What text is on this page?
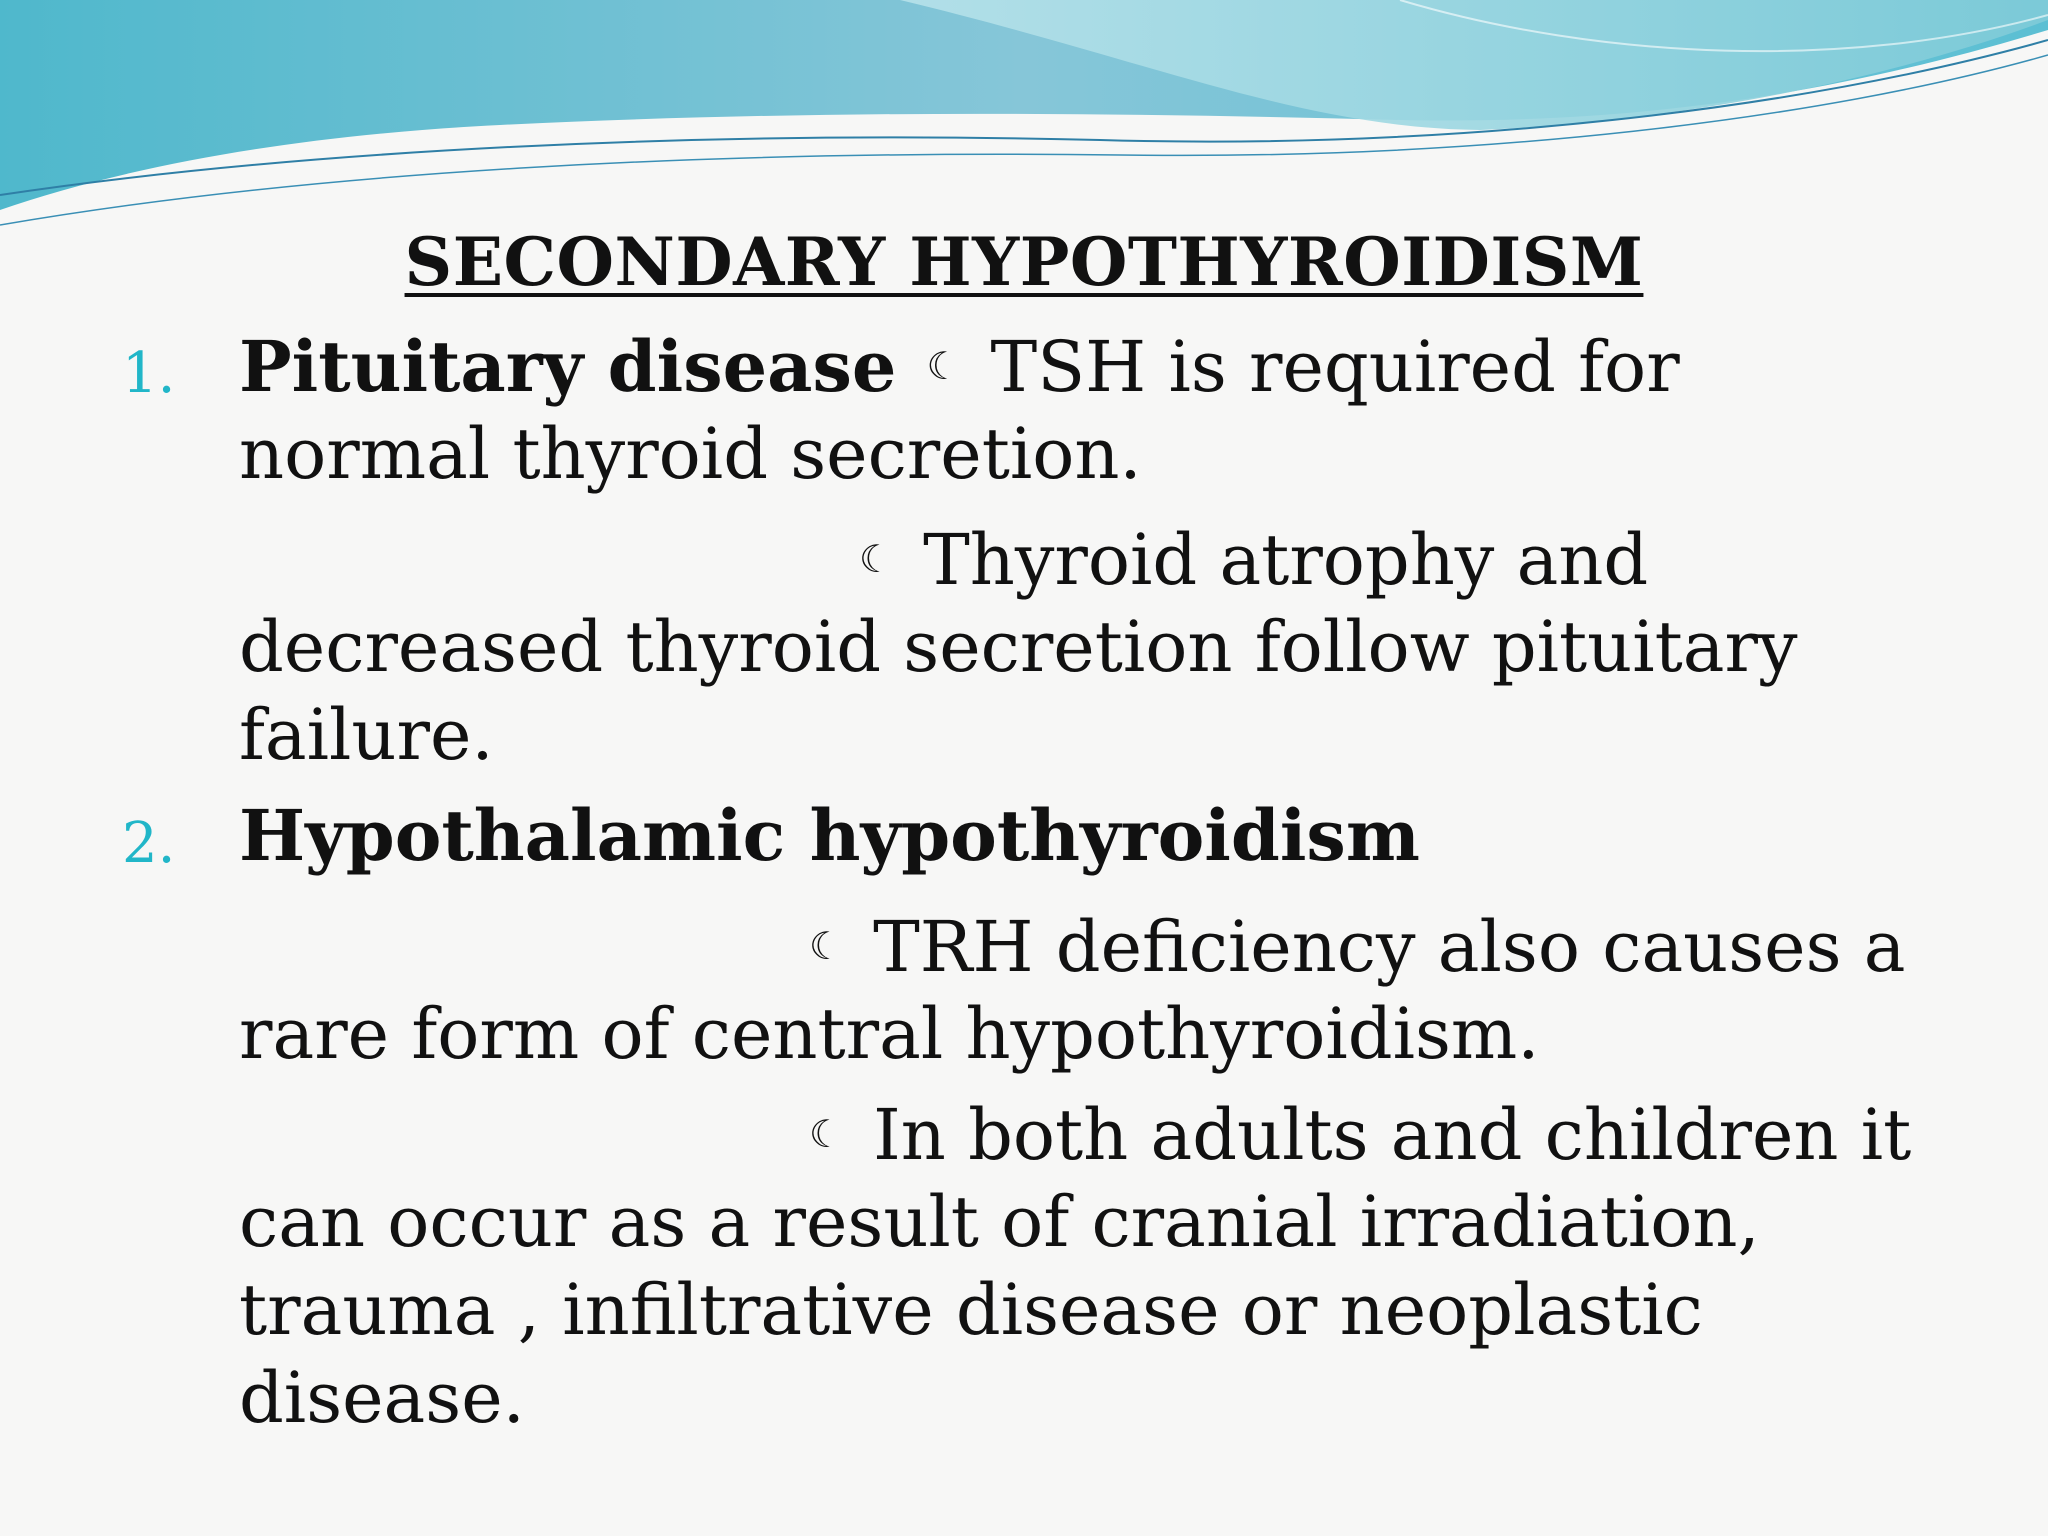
SECONDARY HYPOTHYROIDISM
1. Pituitary disease ☾ TSH is required for
normal thyroid secretion.
☾ Thyroid atrophy and
decreased thyroid secretion follow pituitary
failure.
2. Hypothalamic hypothyroidism
☾ TRH deficiency also causes a
rare form of central hypothyroidism.
☾ In both adults and children it
can occur as a result of cranial irradiation,
trauma , infiltrative disease or neoplastic
disease.
